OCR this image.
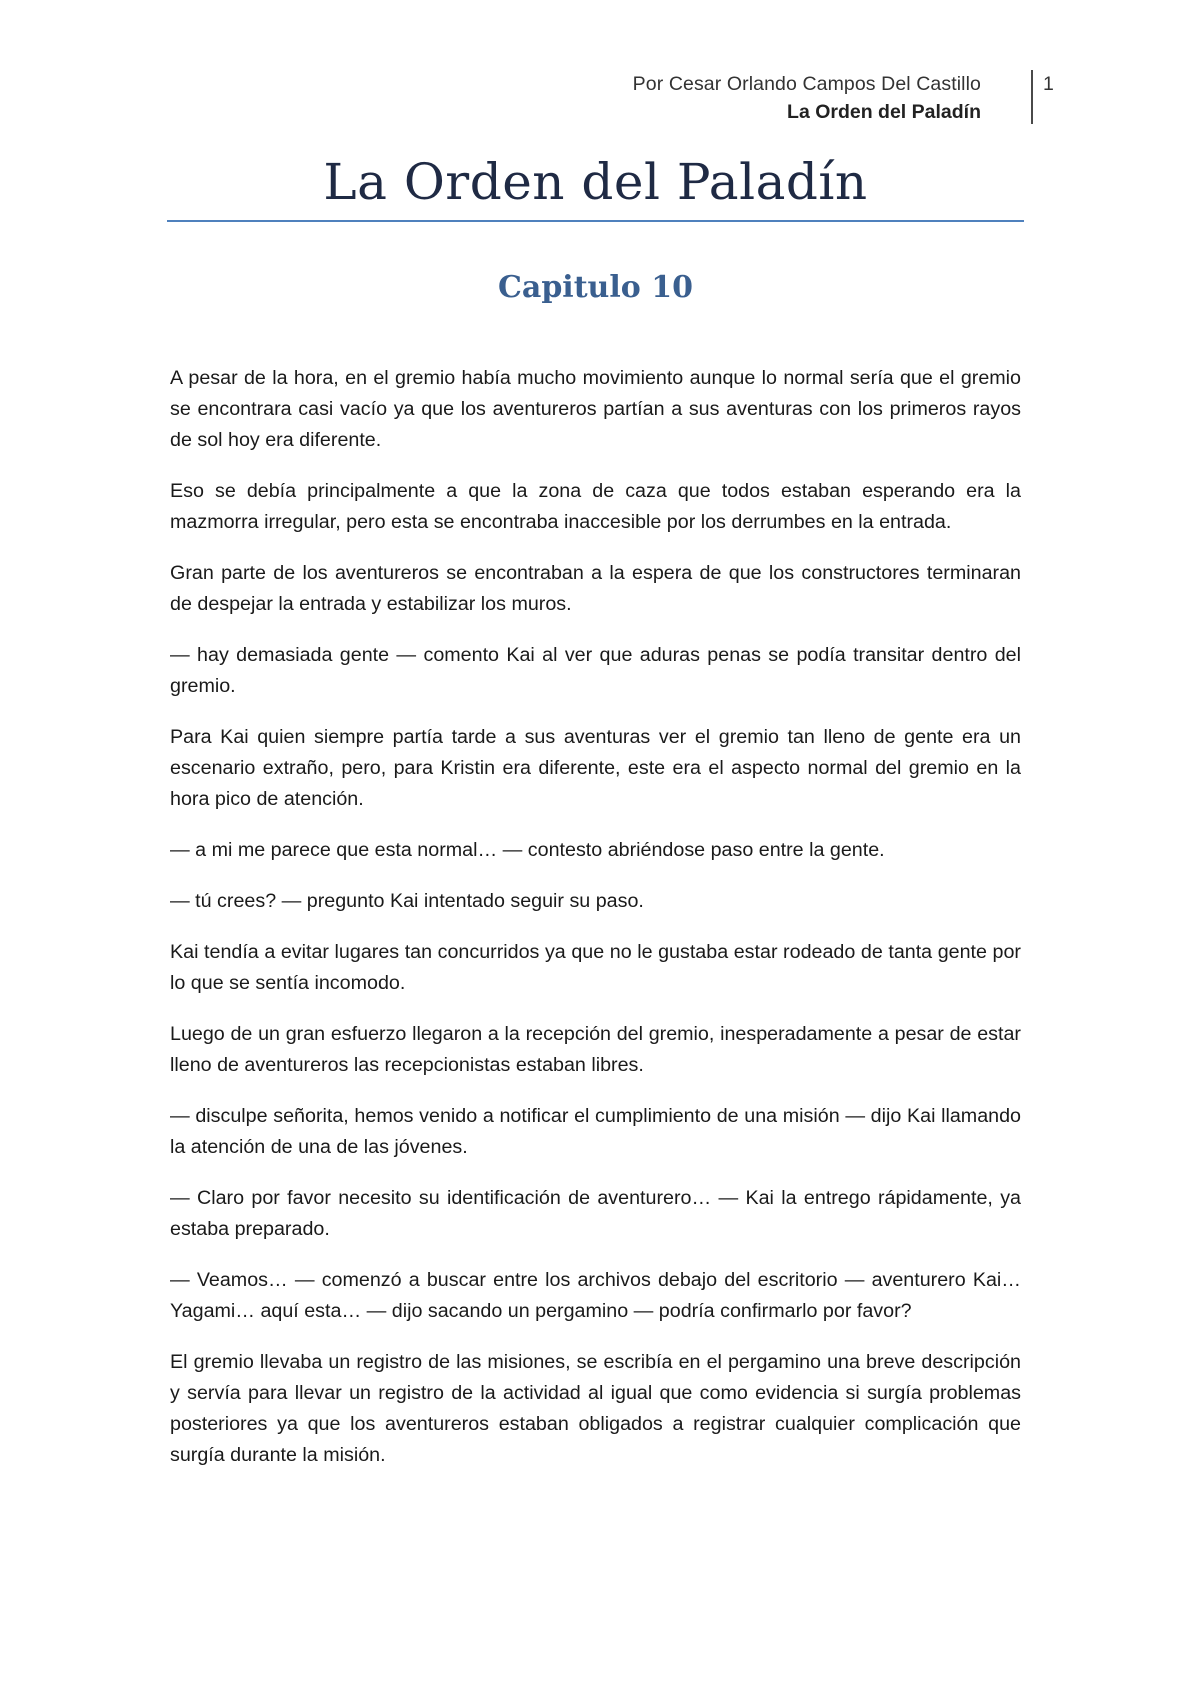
Por Cesar Orlando Campos Del Castillo
La Orden del Paladín
1
La Orden del Paladín
Capitulo 10

A pesar de la hora, en el gremio había mucho movimiento aunque lo normal sería que el gremio se encontrara casi vacío ya que los aventureros partían a sus aventuras con los primeros rayos de sol hoy era diferente.

Eso se debía principalmente a que la zona de caza que todos estaban esperando era la mazmorra irregular, pero esta se encontraba inaccesible por los derrumbes en la entrada.

Gran parte de los aventureros se encontraban a la espera de que los constructores terminaran de despejar la entrada y estabilizar los muros.

— hay demasiada gente — comento Kai al ver que aduras penas se podía transitar dentro del gremio.

Para Kai quien siempre partía tarde a sus aventuras ver el gremio tan lleno de gente era un escenario extraño, pero, para Kristin era diferente, este era el aspecto normal del gremio en la hora pico de atención.

— a mi me parece que esta normal… — contesto abriéndose paso entre la gente.

— tú crees? — pregunto Kai intentado seguir su paso.

Kai tendía a evitar lugares tan concurridos ya que no le gustaba estar rodeado de tanta gente por lo que se sentía incomodo.

Luego de un gran esfuerzo llegaron a la recepción del gremio, inesperadamente a pesar de estar lleno de aventureros las recepcionistas estaban libres.

— disculpe señorita, hemos venido a notificar el cumplimiento de una misión — dijo Kai llamando la atención de una de las jóvenes.

— Claro por favor necesito su identificación de aventurero… — Kai la entrego rápidamente, ya estaba preparado.

— Veamos… — comenzó a buscar entre los archivos debajo del escritorio — aventurero Kai… Yagami… aquí esta… — dijo sacando un pergamino — podría confirmarlo por favor?

El gremio llevaba un registro de las misiones, se escribía en el pergamino una breve descripción y servía para llevar un registro de la actividad al igual que como evidencia si surgía problemas posteriores ya que los aventureros estaban obligados a registrar cualquier complicación que surgía durante la misión.
